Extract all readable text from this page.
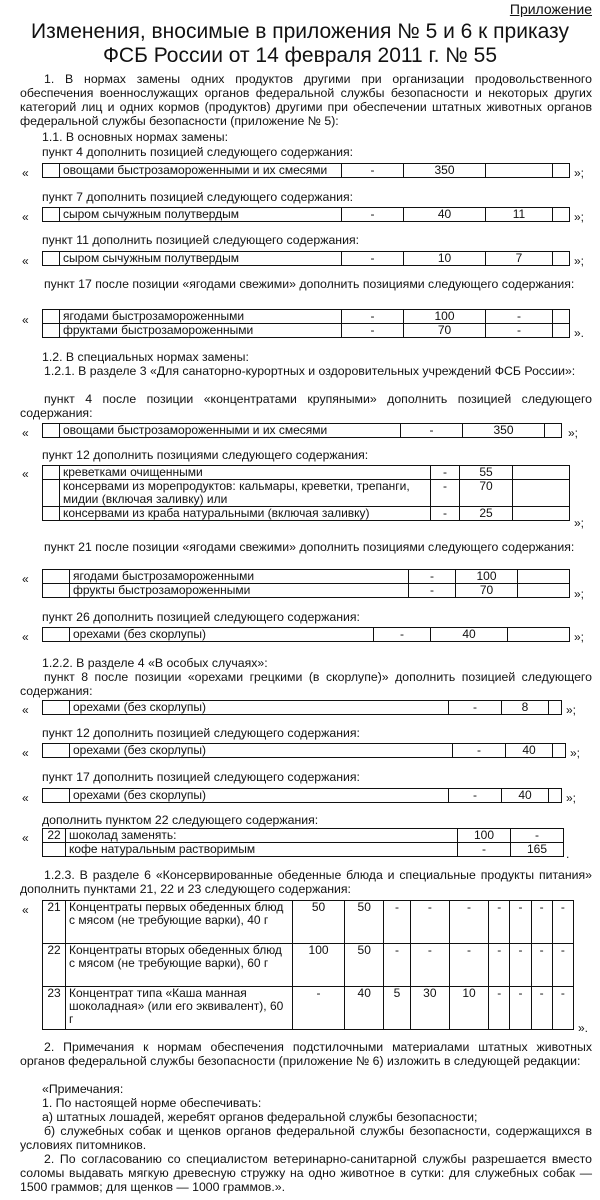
Приложение
Изменения, вносимые в приложения № 5 и 6 к приказу
ФСБ России от 14 февраля 2011 г. № 55
1. В нормах замены одних продуктов другими при организации продовольственного обеспечения военнослужащих органов федеральной службы безопасности и некоторых других категорий лиц и одних кормов (продуктов) другими при обеспечении штатных животных органов федеральной службы безопасности (приложение № 5):
1.1. В основных нормах замены:
пункт 4 дополнить позицией следующего содержания:
«
		овощами быстрозамороженными и их смесями	-	350			»;
пункт 7 дополнить позицией следующего содержания:
«
		сыром сычужным полутвердым	-	40	11		»;
пункт 11 дополнить позицией следующего содержания:
«
		сыром сычужным полутвердым	-	10	7		»;
пункт 17 после позиции «ягодами свежими» дополнить позициями следующего содержания:
«
		ягодами быстрозамороженными	-	100	-	
	фруктами быстрозамороженными	-	70	-		».
1.2. В специальных нормах замены:
1.2.1. В разделе 3 «Для санаторно-курортных и оздоровительных учреждений ФСБ России»:
пункт 4 после позиции «концентратами крупяными» дополнить позицией следующего содержания:
«
		овощами быстрозамороженными и их смесями	-	350		»;
пункт 12 дополнить позициями следующего содержания:
«
		креветками очищенными	-	55	
	консервами из морепродуктов: кальмары, креветки, трепанги, мидии (включая заливку) или	-	70	
	консервами из краба натуральными (включая заливку)	-	25	
»;
пункт 21 после позиции «ягодами свежими» дополнить позициями следующего содержания:
«
		ягодами быстрозамороженными	-	100	
	фрукты быстрозамороженными	-	70		»;
пункт 26 дополнить позицией следующего содержания:
«
		орехами (без скорлупы)	-	40		»;
1.2.2. В разделе 4 «В особых случаях»:
пункт 8 после позиции «орехами грецкими (в скорлупе)» дополнить позицией следующего содержания:
«
		орехами (без скорлупы)	-	8		»;
пункт 12 дополнить позицией следующего содержания:
«
		орехами (без скорлупы)	-	40		»;
пункт 17 дополнить позицией следующего содержания:
«
		орехами (без скорлупы)	-	40		»;
дополнить пунктом 22 следующего содержания:
« 22	шоколад заменять:	100	-
	кофе натуральным растворимым	-	165 .
1.2.3. В разделе 6 «Консервированные обеденные блюда и специальные продукты питания» дополнить пунктами 21, 22 и 23 следующего содержания:
« 21	Концентраты первых обеденных блюд с мясом (не требующие варки), 40 г	50	50	-	-	-	-	-	-	-
22	Концентраты вторых обеденных блюд с мясом (не требующие варки), 60 г	100	50	-	-	-	-	-	-	-
23	Концентрат типа «Каша манная шоколадная» (или его эквивалент), 60 г	-	40	5	30	10	-	-	-	-
».
2. Примечания к нормам обеспечения подстилочными материалами штатных животных органов федеральной службы безопасности (приложение № 6) изложить в следующей редакции:
«Примечания:
1. По настоящей норме обеспечивать:
а) штатных лошадей, жеребят органов федеральной службы безопасности;
б) служебных собак и щенков органов федеральной службы безопасности, содержащихся в условиях питомников.
2. По согласованию со специалистом ветеринарно-санитарной службы разрешается вместо соломы выдавать мягкую древесную стружку на одно животное в сутки: для служебных собак — 1500 граммов; для щенков — 1000 граммов.».
